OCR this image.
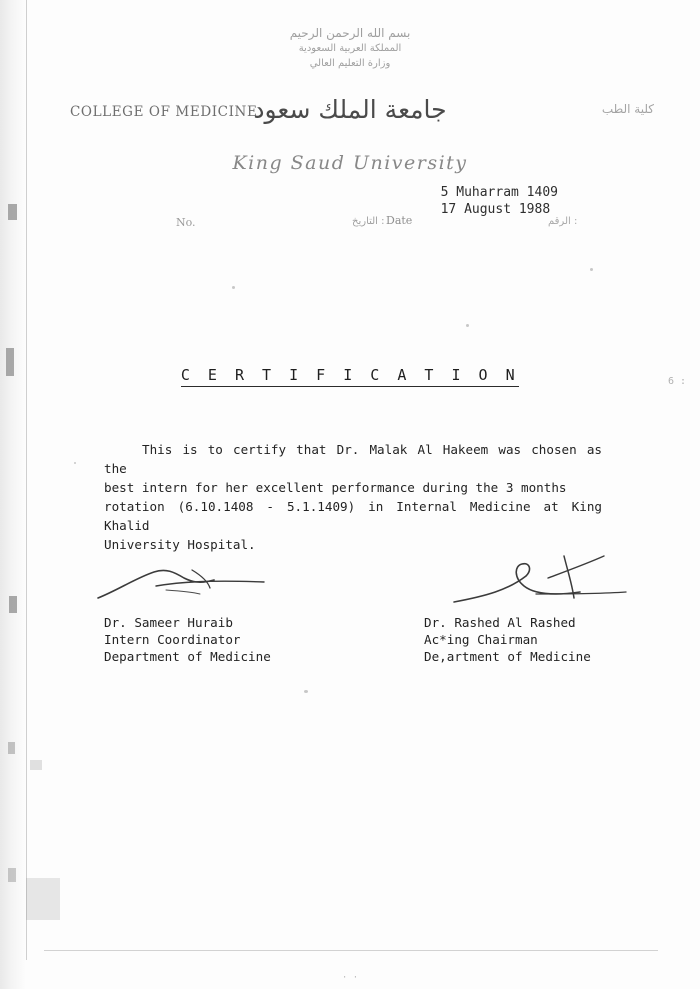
بسم الله الرحمن الرحيم
المملكة العربية السعودية
وزارة التعليم العالي
COLLEGE OF MEDICINE
جامعة الملك سعود	كلية الطب
King Saud University
5 Muharram 1409
17 August 1988
No.	التاريخ : Date	الرقم :
C E R T I F I C A T I O N

This is to certify that Dr. Malak Al Hakeem was chosen as the

best intern for her excellent performance during the 3 months

rotation (6.10.1408 - 5.1.1409) in Internal Medicine at King Khalid

University Hospital.

Dr. Sameer Huraib
Intern Coordinator
Department of Medicine
Dr. Rashed Al Rashed
Ac*ing Chairman
De,artment of Medicine
6 :
· ·
